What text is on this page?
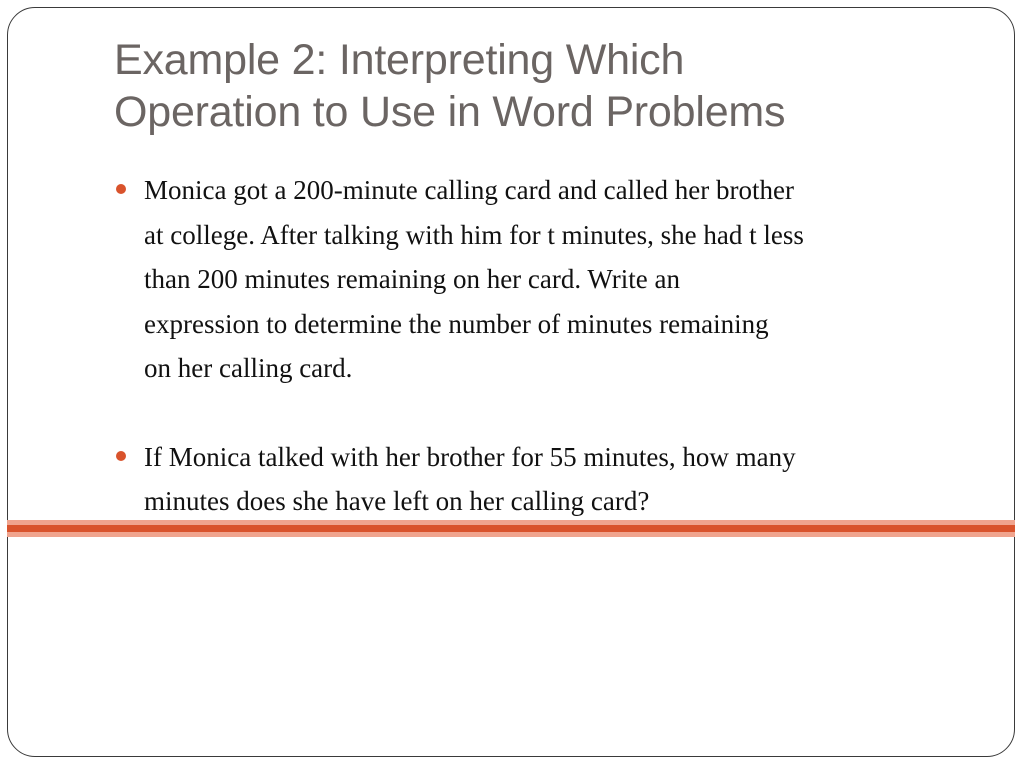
Example 2: Interpreting Which
Operation to Use in Word Problems
Monica got a 200-minute calling card and called her brother
at college. After talking with him for t minutes, she had t less
than 200 minutes remaining on her card. Write an
expression to determine the number of minutes remaining
on her calling card.
If Monica talked with her brother for 55 minutes, how many
minutes does she have left on her calling card?
